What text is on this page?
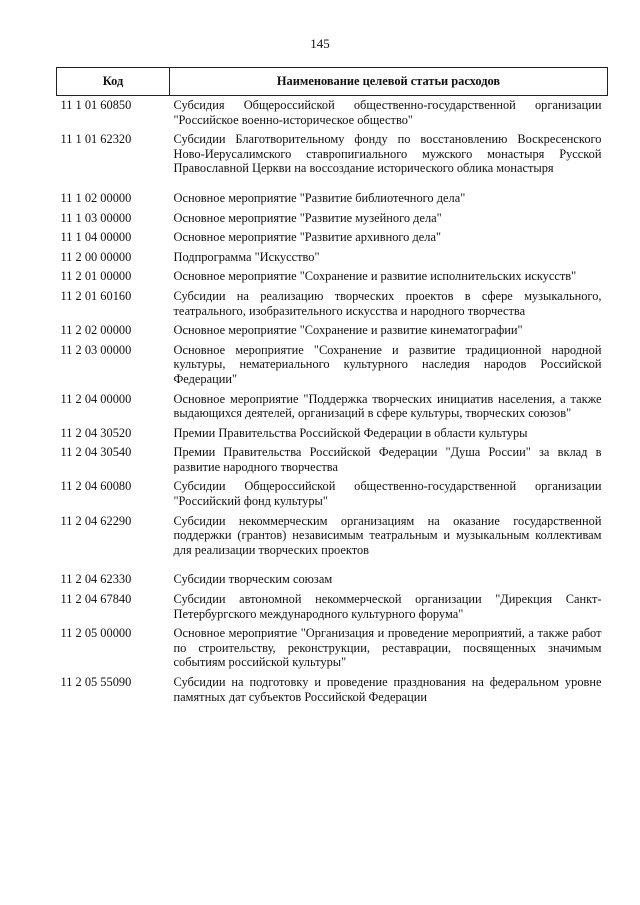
145
Код	Наименование целевой статьи расходов
11 1 01 60850	Субсидия Общероссийской общественно-государственной организации "Российское военно-историческое общество"
11 1 01 62320	Субсидии Благотворительному фонду по восстановлению Воскресенского Ново-Иерусалимского ставропигиального мужского монастыря Русской Православной Церкви на воссоздание исторического облика монастыря
11 1 02 00000	Основное мероприятие "Развитие библиотечного дела"
11 1 03 00000	Основное мероприятие "Развитие музейного дела"
11 1 04 00000	Основное мероприятие "Развитие архивного дела"
11 2 00 00000	Подпрограмма "Искусство"
11 2 01 00000	Основное мероприятие "Сохранение и развитие исполнительских искусств"
11 2 01 60160	Субсидии на реализацию творческих проектов в сфере музыкального, театрального, изобразительного искусства и народного творчества
11 2 02 00000	Основное мероприятие "Сохранение и развитие кинематографии"
11 2 03 00000	Основное мероприятие "Сохранение и развитие традиционной народной культуры, нематериального культурного наследия народов Российской Федерации"
11 2 04 00000	Основное мероприятие "Поддержка творческих инициатив населения, а также выдающихся деятелей, организаций в сфере культуры, творческих союзов"
11 2 04 30520	Премии Правительства Российской Федерации в области культуры
11 2 04 30540	Премии Правительства Российской Федерации "Душа России" за вклад в развитие народного творчества
11 2 04 60080	Субсидии Общероссийской общественно-государственной организации "Российский фонд культуры"
11 2 04 62290	Субсидии некоммерческим организациям на оказание государственной поддержки (грантов) независимым театральным и музыкальным коллективам для реализации творческих проектов
11 2 04 62330	Субсидии творческим союзам
11 2 04 67840	Субсидии автономной некоммерческой организации "Дирекция Санкт-Петербургского международного культурного форума"
11 2 05 00000	Основное мероприятие "Организация и проведение мероприятий, а также работ по строительству, реконструкции, реставрации, посвященных значимым событиям российской культуры"
11 2 05 55090	Субсидии на подготовку и проведение празднования на федеральном уровне памятных дат субъектов Российской Федерации
